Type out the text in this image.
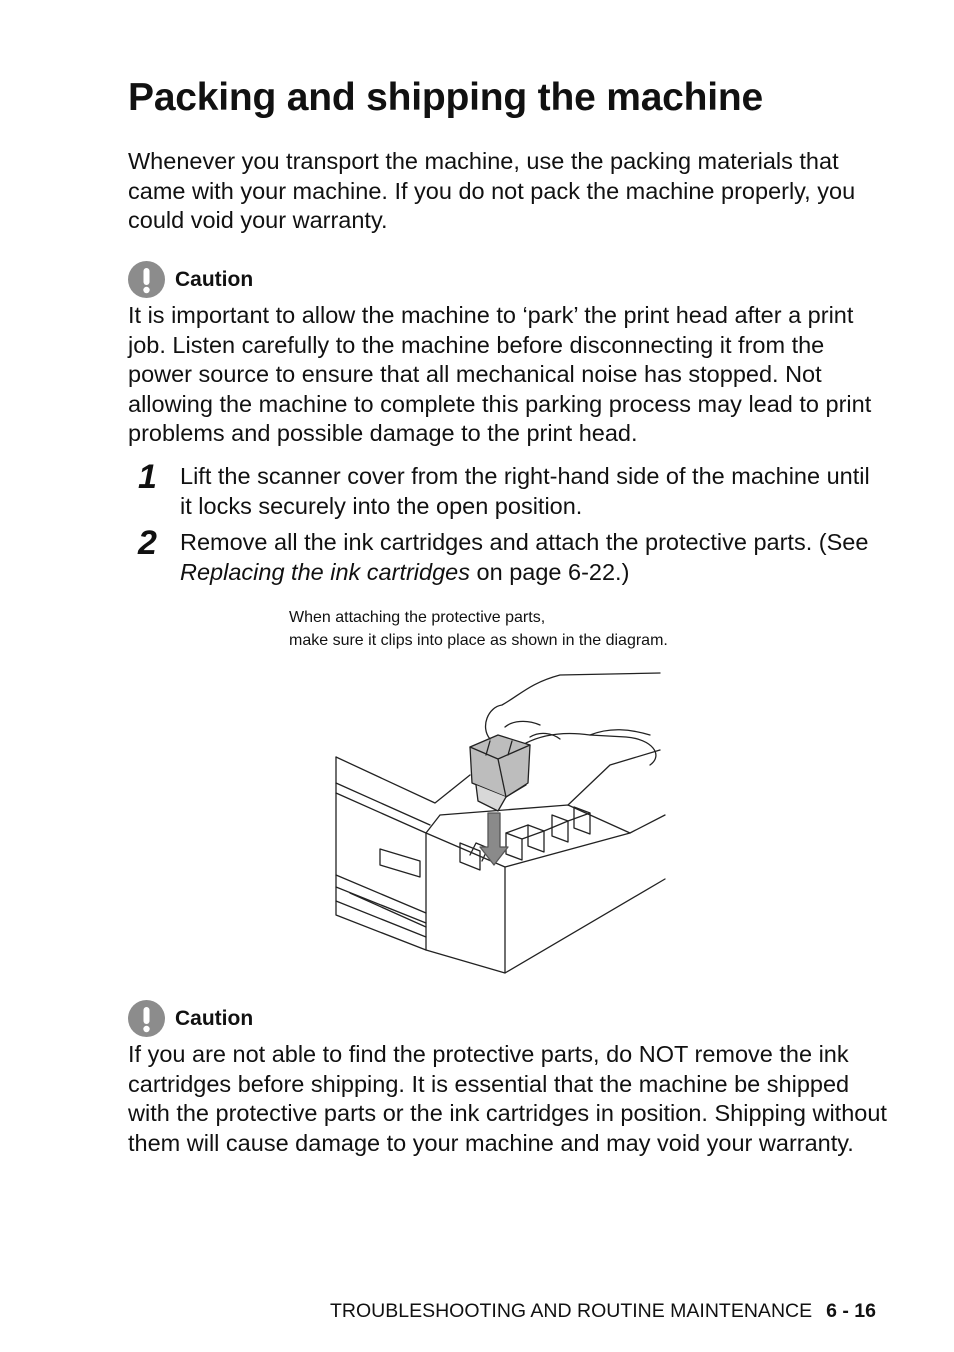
Packing and shipping the machine

Whenever you transport the machine, use the packing materials that came with your machine. If you do not pack the machine properly, you could void your warranty.

Caution

It is important to allow the machine to ‘park’ the print head after a print job. Listen carefully to the machine before disconnecting it from the power source to ensure that all mechanical noise has stopped. Not allowing the machine to complete this parking process may lead to print problems and possible damage to the print head.

1 Lift the scanner cover from the right-hand side of the machine until it locks securely into the open position.

2 Remove all the ink cartridges and attach the protective parts. (See Replacing the ink cartridges on page 6-22.)

When attaching the protective parts,
make sure it clips into place as shown in the diagram.

Caution

If you are not able to find the protective parts, do NOT remove the ink cartridges before shipping. It is essential that the machine be shipped with the protective parts or the ink cartridges in position. Shipping without them will cause damage to your machine and may void your warranty.

TROUBLESHOOTING AND ROUTINE MAINTENANCE 6 - 16
